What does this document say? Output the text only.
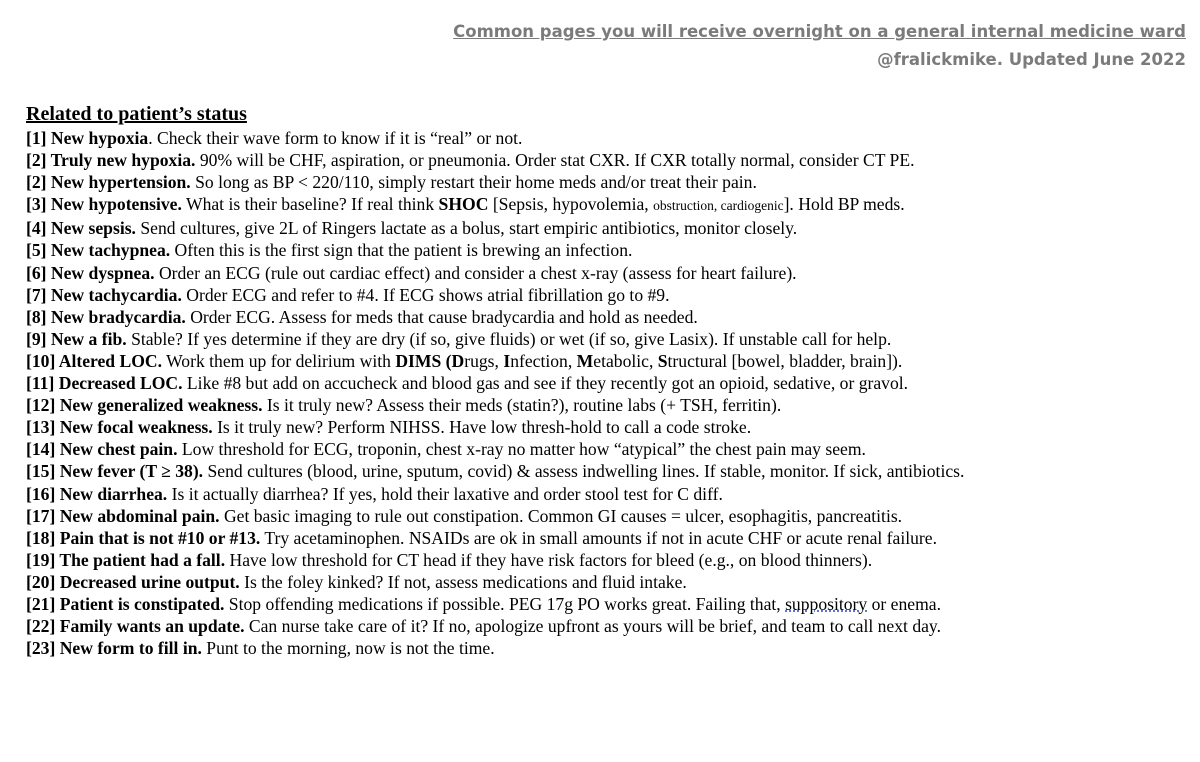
Common pages you will receive overnight on a general internal medicine ward
@fralickmike. Updated June 2022
Related to patient’s status
[1] New hypoxia. Check their wave form to know if it is “real” or not.
[2] Truly new hypoxia. 90% will be CHF, aspiration, or pneumonia. Order stat CXR. If CXR totally normal, consider CT PE.
[2] New hypertension. So long as BP < 220/110, simply restart their home meds and/or treat their pain.
[3] New hypotensive. What is their baseline? If real think SHOC [Sepsis, hypovolemia, obstruction, cardiogenic]. Hold BP meds.
[4] New sepsis. Send cultures, give 2L of Ringers lactate as a bolus, start empiric antibiotics, monitor closely.
[5] New tachypnea. Often this is the first sign that the patient is brewing an infection.
[6] New dyspnea. Order an ECG (rule out cardiac effect) and consider a chest x-ray (assess for heart failure).
[7] New tachycardia. Order ECG and refer to #4. If ECG shows atrial fibrillation go to #9.
[8] New bradycardia. Order ECG. Assess for meds that cause bradycardia and hold as needed.
[9] New a fib. Stable? If yes determine if they are dry (if so, give fluids) or wet (if so, give Lasix). If unstable call for help.
[10] Altered LOC. Work them up for delirium with DIMS (Drugs, Infection, Metabolic, Structural [bowel, bladder, brain]).
[11] Decreased LOC. Like #8 but add on accucheck and blood gas and see if they recently got an opioid, sedative, or gravol.
[12] New generalized weakness. Is it truly new? Assess their meds (statin?), routine labs (+ TSH, ferritin).
[13] New focal weakness. Is it truly new? Perform NIHSS. Have low thresh-hold to call a code stroke.
[14] New chest pain. Low threshold for ECG, troponin, chest x-ray no matter how “atypical” the chest pain may seem.
[15] New fever (T ≥ 38). Send cultures (blood, urine, sputum, covid) & assess indwelling lines. If stable, monitor. If sick, antibiotics.
[16] New diarrhea. Is it actually diarrhea? If yes, hold their laxative and order stool test for C diff.
[17] New abdominal pain. Get basic imaging to rule out constipation. Common GI causes = ulcer, esophagitis, pancreatitis.
[18] Pain that is not #10 or #13. Try acetaminophen. NSAIDs are ok in small amounts if not in acute CHF or acute renal failure.
[19] The patient had a fall. Have low threshold for CT head if they have risk factors for bleed (e.g., on blood thinners).
[20] Decreased urine output. Is the foley kinked? If not, assess medications and fluid intake.
[21] Patient is constipated. Stop offending medications if possible. PEG 17g PO works great. Failing that, suppository or enema.
[22] Family wants an update. Can nurse take care of it? If no, apologize upfront as yours will be brief, and team to call next day.
[23] New form to fill in. Punt to the morning, now is not the time.
